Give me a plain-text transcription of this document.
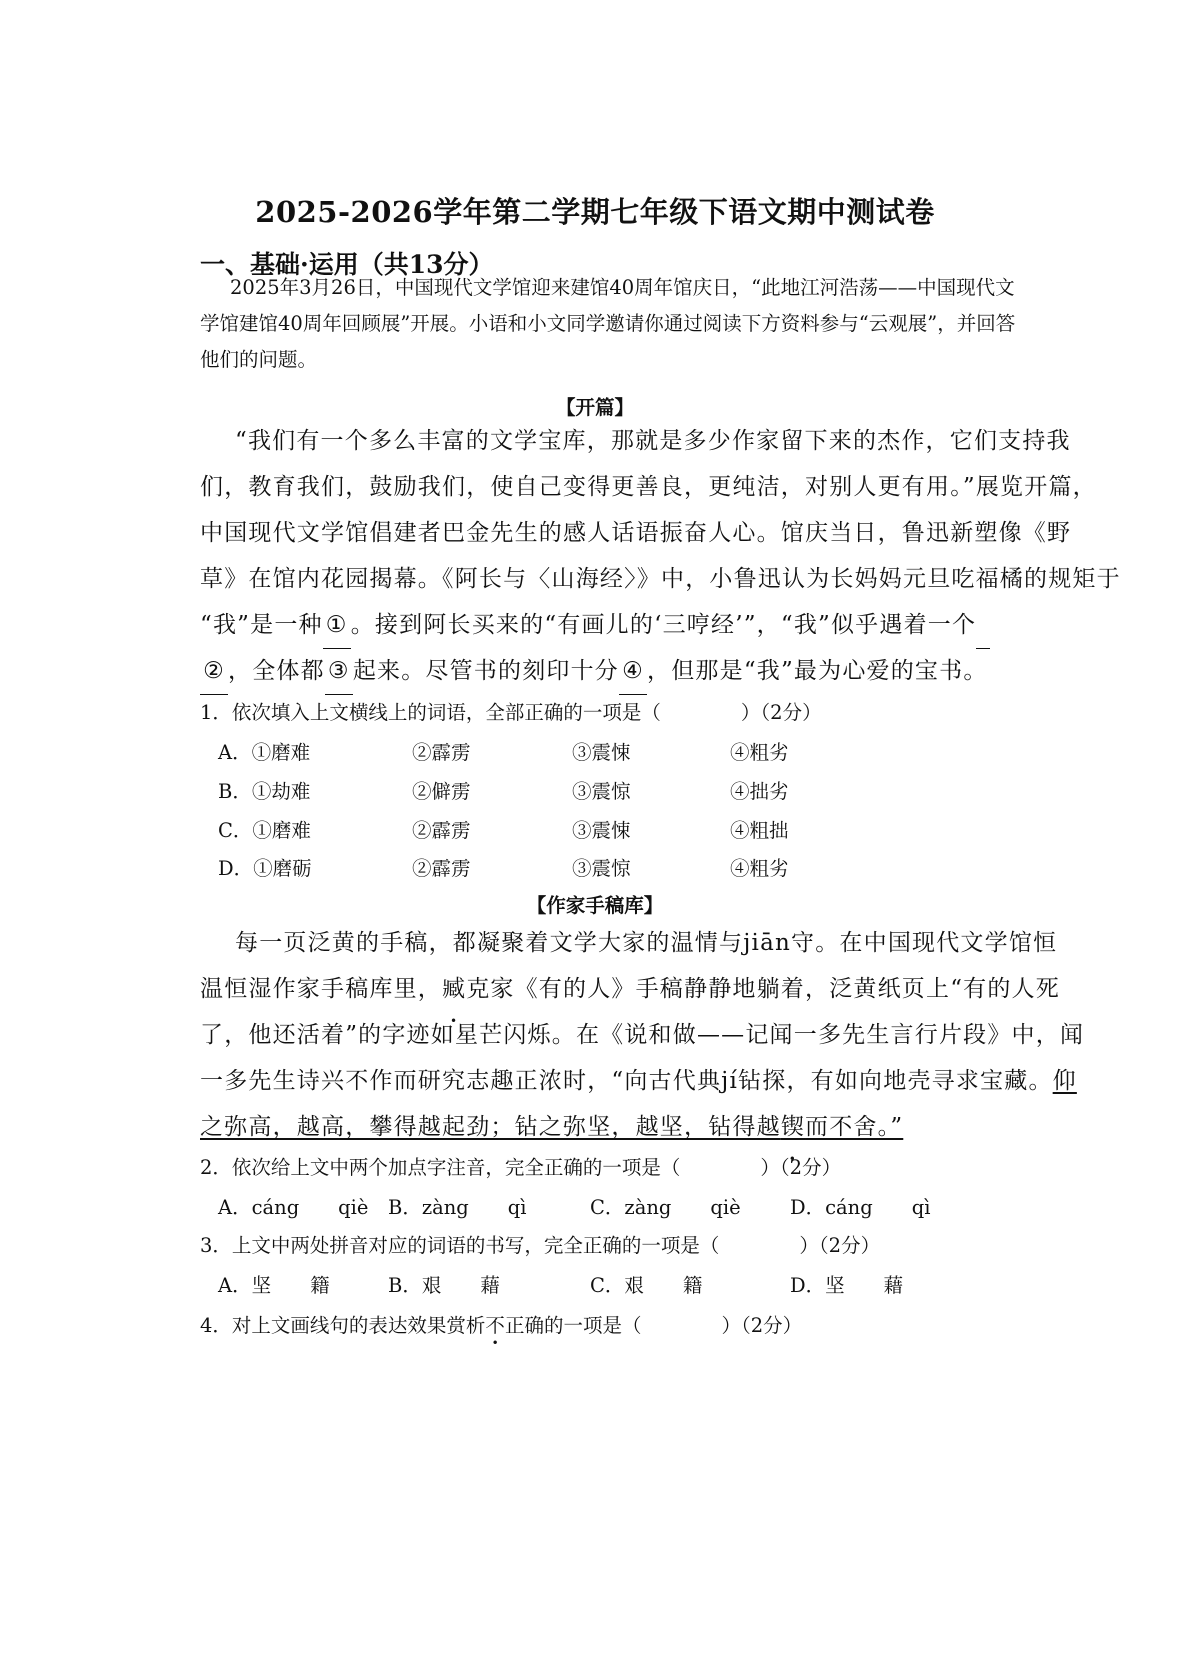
2025-2026学年第二学期七年级下语文期中测试卷
一、基础·运用（共13分）
2025年3月26日，中国现代文学馆迎来建馆40周年馆庆日，“此地江河浩荡——中国现代文
学馆建馆40周年回顾展”开展。小语和小文同学邀请你通过阅读下方资料参与“云观展”，并回答
他们的问题。
【开篇】
“我们有一个多么丰富的文学宝库，那就是多少作家留下来的杰作，它们支持我
们，教育我们，鼓励我们，使自己变得更善良，更纯洁，对别人更有用。”展览开篇，
中国现代文学馆倡建者巴金先生的感人话语振奋人心。馆庆当日，鲁迅新塑像《野
草》在馆内花园揭幕。《阿长与〈山海经〉》中，小鲁迅认为长妈妈元旦吃福橘的规矩于
“我”是一种 ① 。接到阿长买来的“有画儿的‘三哼经’”，“我”似乎遇着一个
② ，全体都 ③ 起来。尽管书的刻印十分 ④ ，但那是“我”最为心爱的宝书。
1．依次填入上文横线上的词语，全部正确的一项是（	）（2分）
A．①磨难	②霹雳	③震悚	④粗劣
B．①劫难	②僻雳	③震惊	④拙劣
C．①磨难	②霹雳	③震悚	④粗拙
D．①磨砺	②霹雳	③震惊	④粗劣
【作家手稿库】
每一页泛黄的手稿，都凝聚着文学大家的温情与jiān守。在中国现代文学馆恒
温恒湿作家手稿库里，臧克家《有的人》手稿静静地躺着，泛黄纸页上“有的人死
了，他还活着”的字迹如星芒闪烁。在《说和做——记闻一多先生言行片段》中，闻
一多先生诗兴不作而研究志趣正浓时，“向古代典jí钻探，有如向地壳寻求宝藏。仰
之弥高，越高，攀得越起劲；钻之弥坚，越坚，钻得越锲而不舍。”
2．依次给上文中两个加点字注音，完全正确的一项是（	）（2分）
A．cáng　　qiè B．zàng　　qì	C．zàng　　qiè	D．cáng　　qì
3．上文中两处拼音对应的词语的书写，完全正确的一项是（	）（2分）
A．坚　　籍	B．艰　　藉	C．艰　　籍	D．坚　　藉
4．对上文画线句的表达效果赏析不正确的一项是（	）（2分）
